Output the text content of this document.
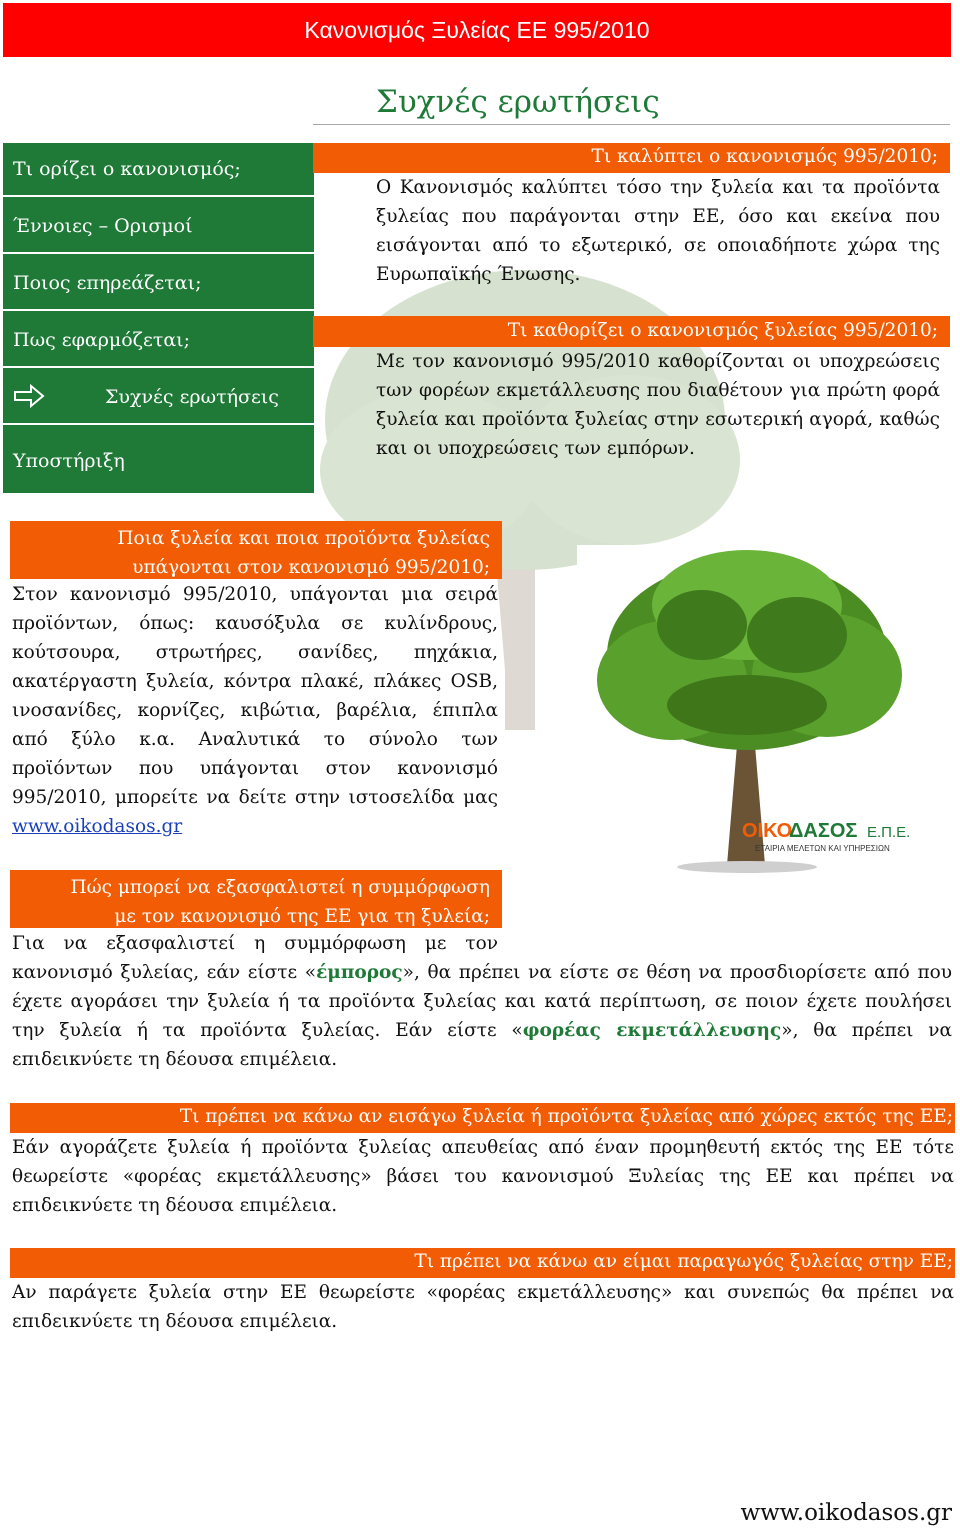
Κανονισμός Ξυλείας ΕΕ 995/2010
Συχνές ερωτήσεις
Τι ορίζει ο κανονισμός;
Έννοιες – Ορισμοί
Ποιος επηρεάζεται;
Πως εφαρμόζεται;
Συχνές ερωτήσεις
Υποστήριξη
Τι καλύπτει ο κανονισμός 995/2010;
Ο Κανονισμός καλύπτει τόσο την ξυλεία και τα προϊόντα ξυλείας που παράγονται στην ΕΕ, όσο και εκείνα που εισάγονται από το εξωτερικό, σε οποιαδήποτε χώρα της Ευρωπαϊκής Ένωσης.
Τι καθορίζει ο κανονισμός ξυλείας 995/2010;
Με τον κανονισμό 995/2010 καθορίζονται οι υποχρεώσεις των φορέων εκμετάλλευσης που διαθέτουν για πρώτη φορά ξυλεία και προϊόντα ξυλείας στην εσωτερική αγορά, καθώς και οι υποχρεώσεις των εμπόρων.
Ποια ξυλεία και ποια προϊόντα ξυλείας
υπάγονται στον κανονισμό 995/2010;
Στον κανονισμό 995/2010, υπάγονται μια σειρά προϊόντων, όπως: καυσόξυλα σε κυλίνδρους, κούτσουρα, στρωτήρες, σανίδες, πηχάκια, ακατέργαστη ξυλεία, κόντρα πλακέ, πλάκες OSB, ινοσανίδες, κορνίζες, κιβώτια, βαρέλια, έπιπλα από ξύλο κ.α. Αναλυτικά το σύνολο των προϊόντων που υπάγονται στον κανονισμό 995/2010, μπορείτε να δείτε στην ιστοσελίδα μας www.oikodasos.gr	ΟΙΚΟ
ΔΑΣΟΣ Ε.Π.Ε.
ΕΤΑΙΡΙΑ ΜΕΛΕΤΩΝ ΚΑΙ ΥΠΗΡΕΣΙΩΝ
Πώς μπορεί να εξασφαλιστεί η συμμόρφωση
με τον κανονισμό της ΕΕ για τη ξυλεία;
Για να εξασφαλιστεί η συμμόρφωση με τον
κανονισμό ξυλείας, εάν είστε «έμπορος», θα πρέπει να είστε σε θέση να προσδιορίσετε από που έχετε αγοράσει την ξυλεία ή τα προϊόντα ξυλείας και κατά περίπτωση, σε ποιον έχετε πουλήσει την ξυλεία ή τα προϊόντα ξυλείας. Εάν είστε «φορέας εκμετάλλευσης», θα πρέπει να επιδεικνύετε τη δέουσα επιμέλεια.
Τι πρέπει να κάνω αν εισάγω ξυλεία ή προϊόντα ξυλείας από χώρες εκτός της ΕΕ;
Εάν αγοράζετε ξυλεία ή προϊόντα ξυλείας απευθείας από έναν προμηθευτή εκτός της ΕΕ τότε θεωρείστε «φορέας εκμετάλλευσης» βάσει του κανονισμού Ξυλείας της ΕΕ και πρέπει να επιδεικνύετε τη δέουσα επιμέλεια.
Τι πρέπει να κάνω αν είμαι παραγωγός ξυλείας στην ΕΕ;
Αν παράγετε ξυλεία στην ΕΕ θεωρείστε «φορέας εκμετάλλευσης» και συνεπώς θα πρέπει να επιδεικνύετε τη δέουσα επιμέλεια.
www.oikodasos.gr
